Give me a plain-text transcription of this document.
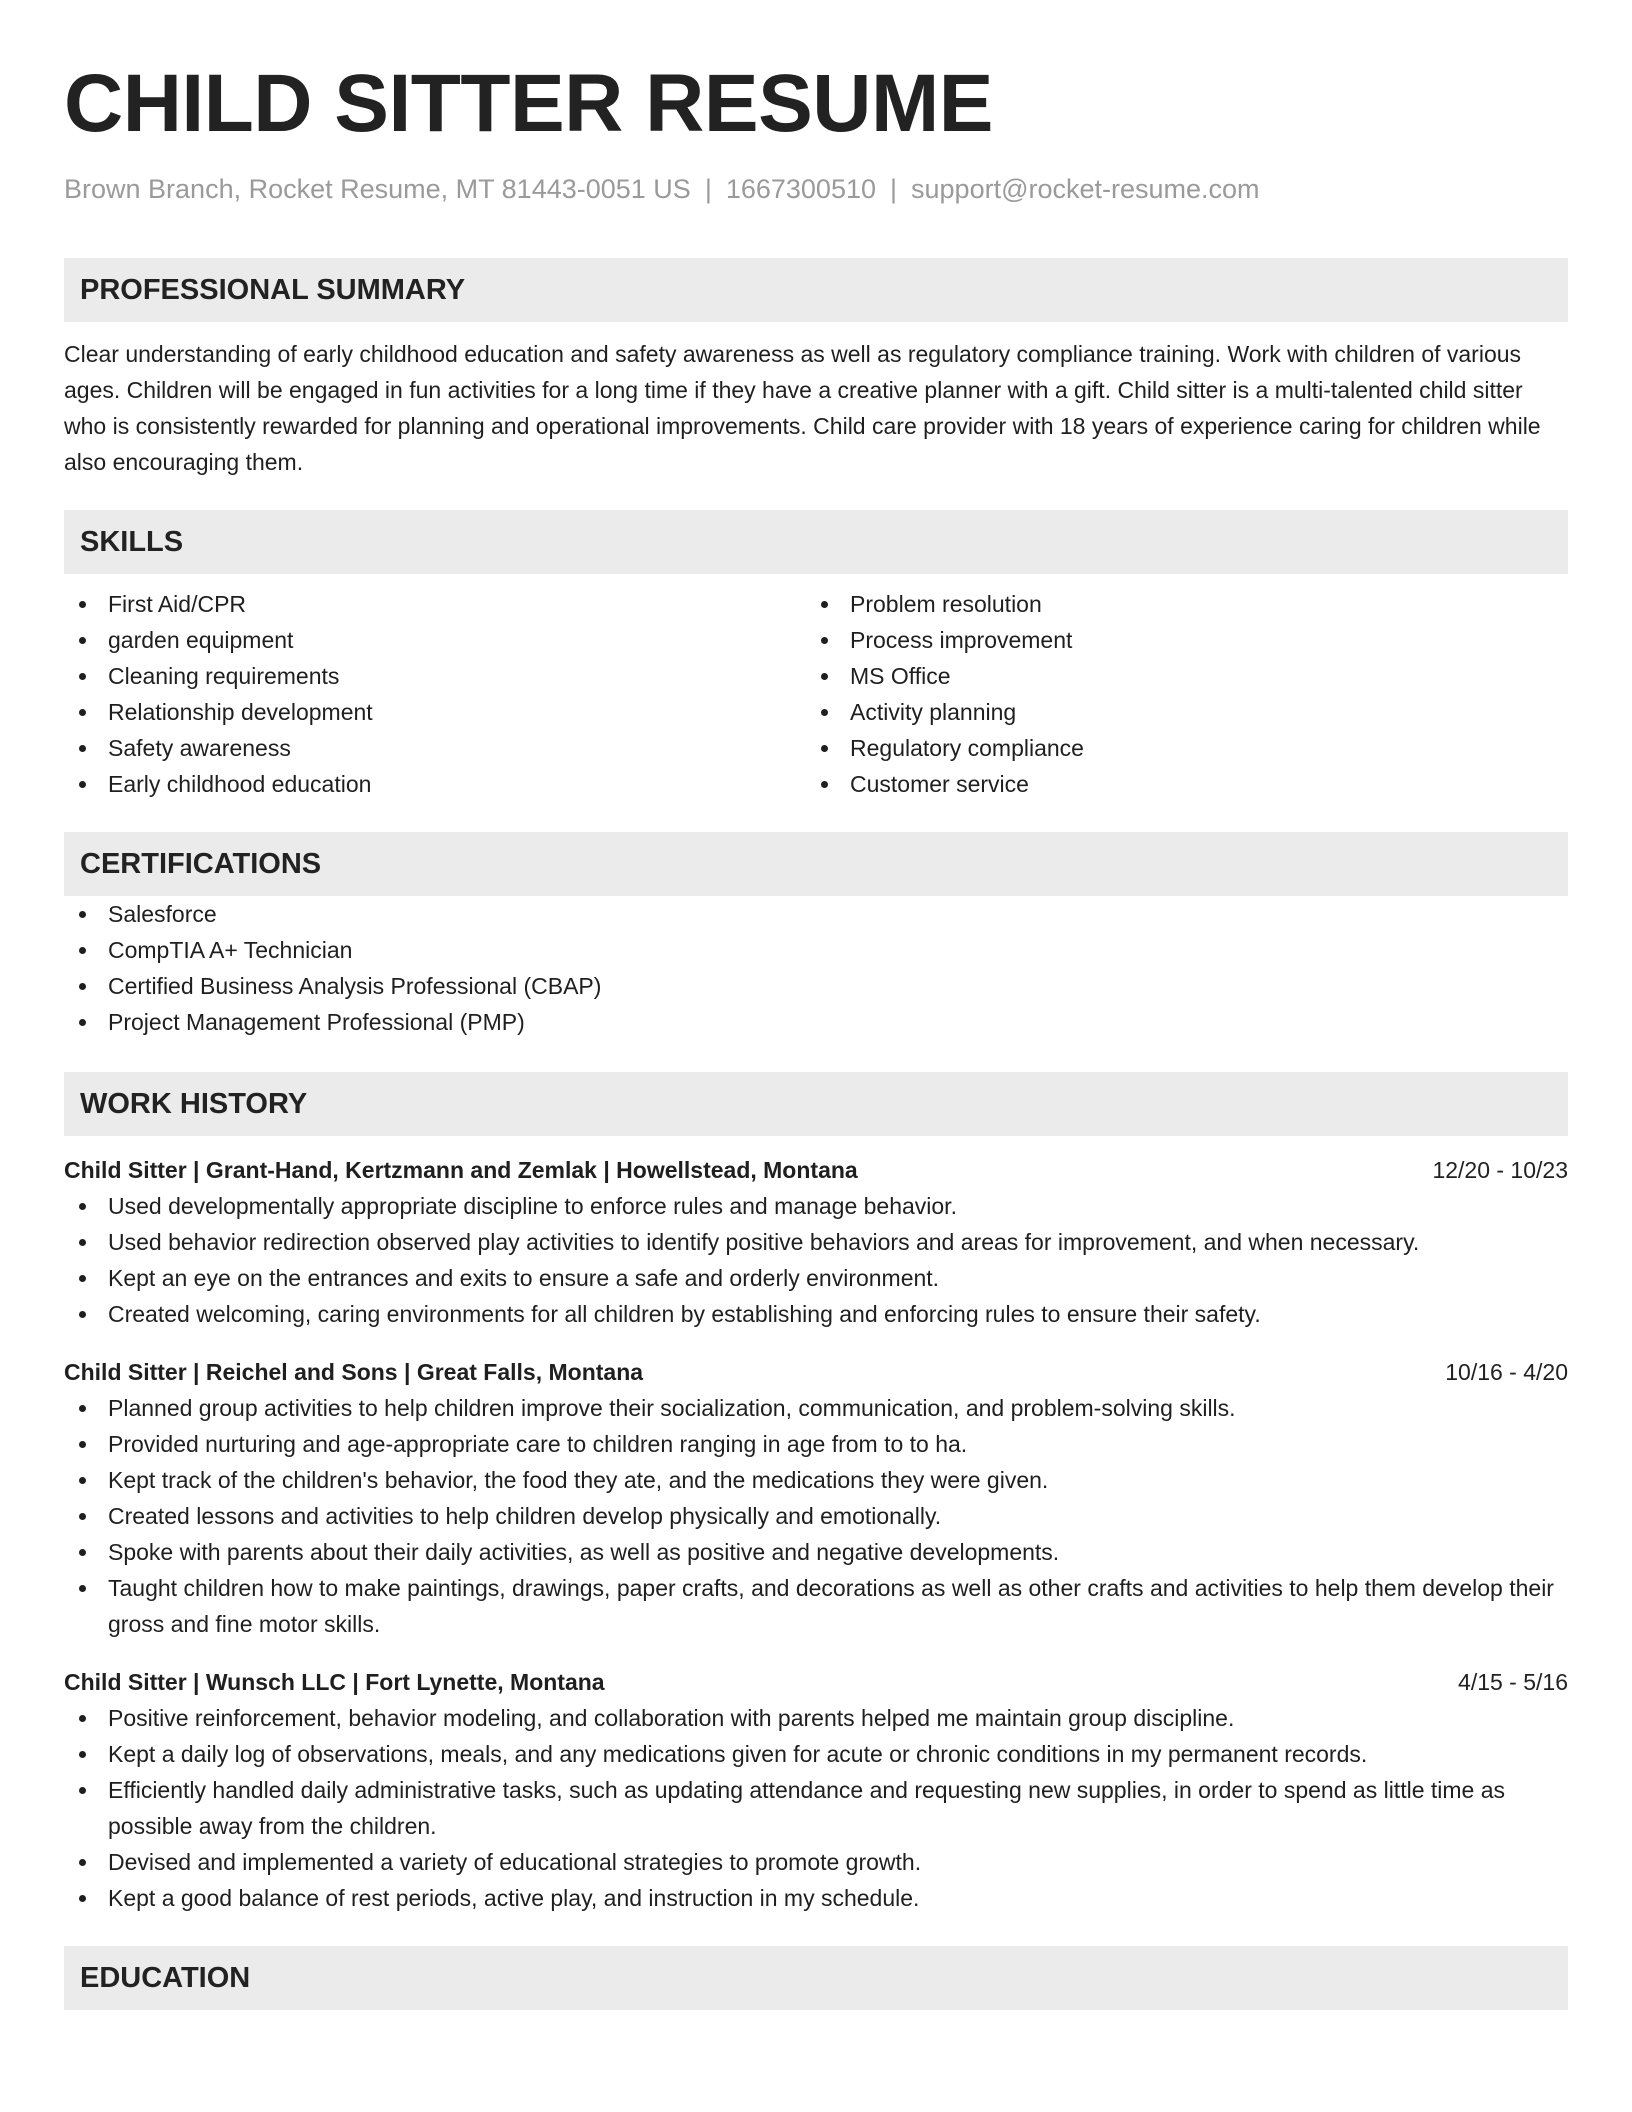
CHILD SITTER RESUME
Brown Branch, Rocket Resume, MT 81443-0051 US | 1667300510 | support@rocket-resume.com
PROFESSIONAL SUMMARY

Clear understanding of early childhood education and safety awareness as well as regulatory compliance training. Work with children of various ages. Children will be engaged in fun activities for a long time if they have a creative planner with a gift. Child sitter is a multi-talented child sitter who is consistently rewarded for planning and operational improvements. Child care provider with 18 years of experience caring for children while also encouraging them.

SKILLS
First Aid/CPR
garden equipment
Cleaning requirements
Relationship development
Safety awareness
Early childhood education
Problem resolution
Process improvement
MS Office
Activity planning
Regulatory compliance
Customer service
CERTIFICATIONS
Salesforce
CompTIA A+ Technician
Certified Business Analysis Professional (CBAP)
Project Management Professional (PMP)
WORK HISTORY
Child Sitter | Grant-Hand, Kertzmann and Zemlak | Howellstead, Montana	12/20 - 10/23
Used developmentally appropriate discipline to enforce rules and manage behavior.
Used behavior redirection observed play activities to identify positive behaviors and areas for improvement, and when necessary.
Kept an eye on the entrances and exits to ensure a safe and orderly environment.
Created welcoming, caring environments for all children by establishing and enforcing rules to ensure their safety.
Child Sitter | Reichel and Sons | Great Falls, Montana	10/16 - 4/20
Planned group activities to help children improve their socialization, communication, and problem-solving skills.
Provided nurturing and age-appropriate care to children ranging in age from to to ha.
Kept track of the children's behavior, the food they ate, and the medications they were given.
Created lessons and activities to help children develop physically and emotionally.
Spoke with parents about their daily activities, as well as positive and negative developments.
Taught children how to make paintings, drawings, paper crafts, and decorations as well as other crafts and activities to help them develop their gross and fine motor skills.
Child Sitter | Wunsch LLC | Fort Lynette, Montana	4/15 - 5/16
Positive reinforcement, behavior modeling, and collaboration with parents helped me maintain group discipline.
Kept a daily log of observations, meals, and any medications given for acute or chronic conditions in my permanent records.
Efficiently handled daily administrative tasks, such as updating attendance and requesting new supplies, in order to spend as little time as possible away from the children.
Devised and implemented a variety of educational strategies to promote growth.
Kept a good balance of rest periods, active play, and instruction in my schedule.
EDUCATION
